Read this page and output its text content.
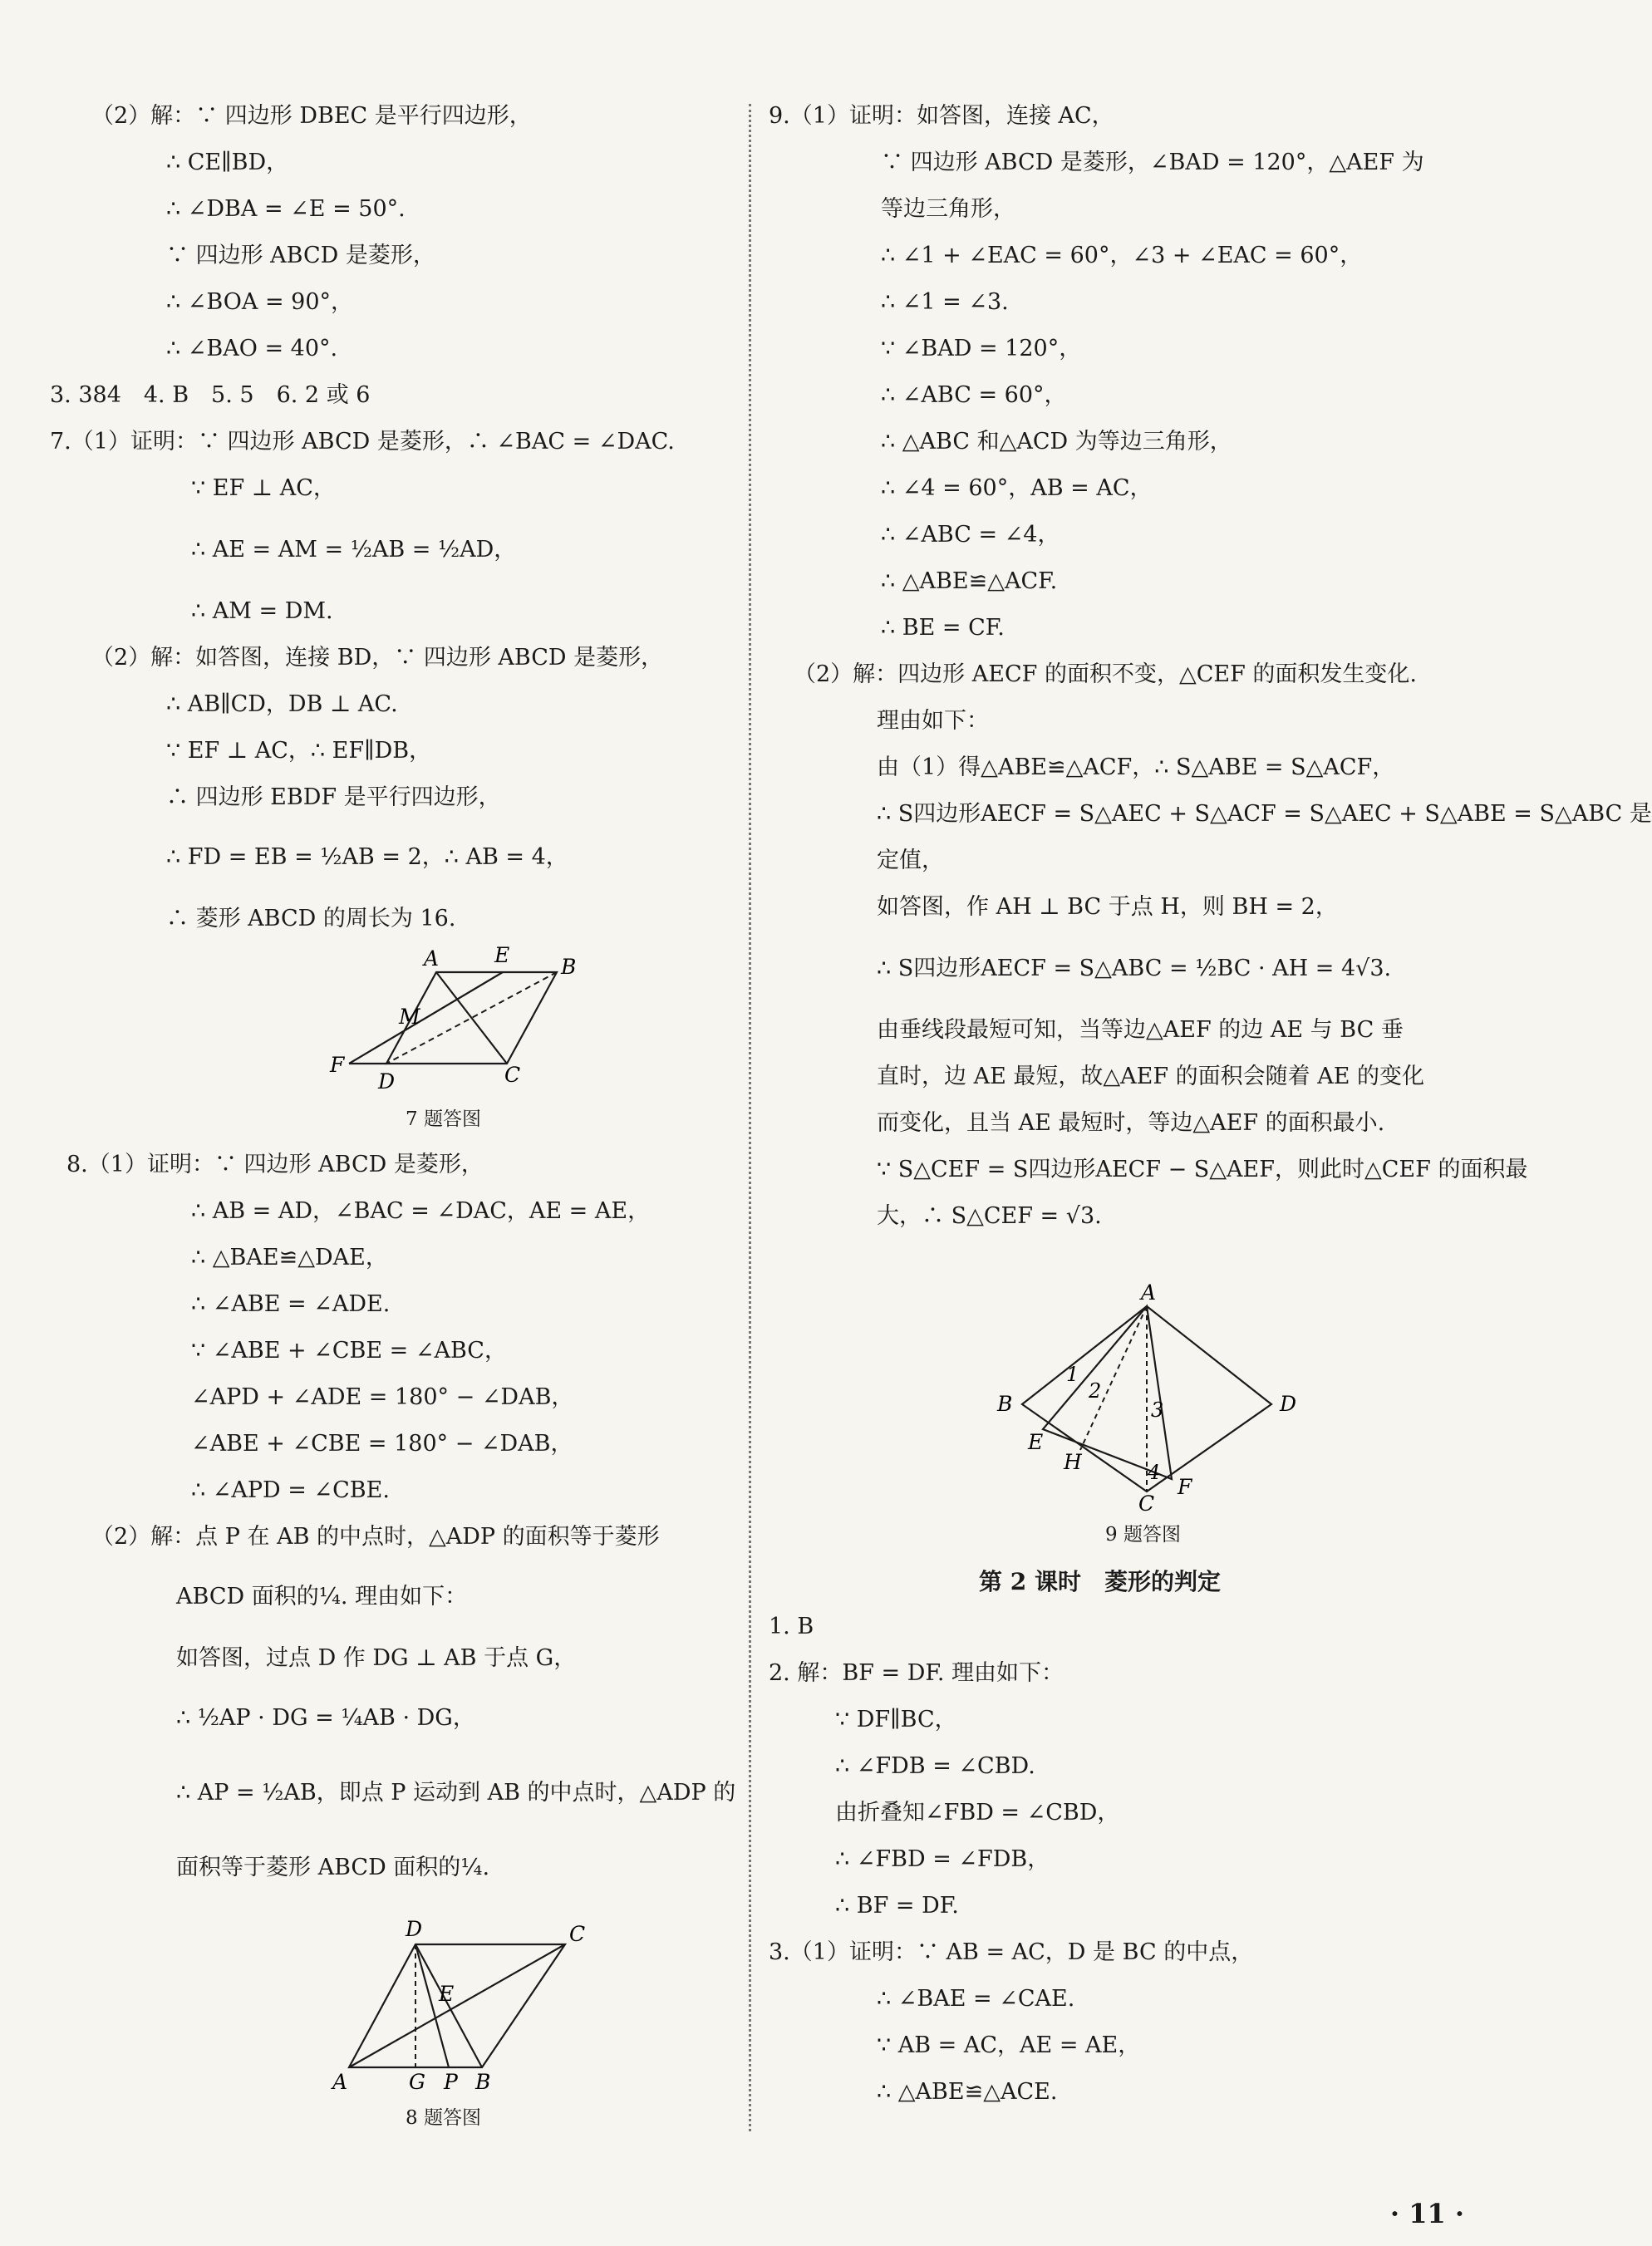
（2）解：∵ 四边形 DBEC 是平行四边形，
∴ CE∥BD，
∴ ∠DBA = ∠E = 50°.
∵ 四边形 ABCD 是菱形，
∴ ∠BOA = 90°，
∴ ∠BAO = 40°.
3. 384　4. B　5. 5　6. 2 或 6
7.（1）证明：∵ 四边形 ABCD 是菱形，∴ ∠BAC = ∠DAC.
∵ EF ⊥ AC，
∴ AE = AM = ½AB = ½AD，
∴ AM = DM.
（2）解：如答图，连接 BD，∵ 四边形 ABCD 是菱形，
∴ AB∥CD，DB ⊥ AC.
∵ EF ⊥ AC，∴ EF∥DB，
∴ 四边形 EBDF 是平行四边形，
∴ FD = EB = ½AB = 2，∴ AB = 4，
∴ 菱形 ABCD 的周长为 16.
A	E B
M
F
D	C
7 题答图
8.（1）证明：∵ 四边形 ABCD 是菱形，
∴ AB = AD，∠BAC = ∠DAC，AE = AE，
∴ △BAE≌△DAE，
∴ ∠ABE = ∠ADE.
∵ ∠ABE + ∠CBE = ∠ABC，
∠APD + ∠ADE = 180° − ∠DAB，
∠ABE + ∠CBE = 180° − ∠DAB，
∴ ∠APD = ∠CBE.
（2）解：点 P 在 AB 的中点时，△ADP 的面积等于菱形
ABCD 面积的¼. 理由如下：
如答图，过点 D 作 DG ⊥ AB 于点 G，
∴ ½AP · DG = ¼AB · DG，
∴ AP = ½AB，即点 P 运动到 AB 的中点时，△ADP 的
面积等于菱形 ABCD 面积的¼.
D	C
E
A	G P B
8 题答图
9.（1）证明：如答图，连接 AC，
∵ 四边形 ABCD 是菱形，∠BAD = 120°，△AEF 为
等边三角形，
∴ ∠1 + ∠EAC = 60°，∠3 + ∠EAC = 60°，
∴ ∠1 = ∠3.
∵ ∠BAD = 120°，
∴ ∠ABC = 60°，
∴ △ABC 和△ACD 为等边三角形，
∴ ∠4 = 60°，AB = AC，
∴ ∠ABC = ∠4，
∴ △ABE≌△ACF.
∴ BE = CF.
（2）解：四边形 AECF 的面积不变，△CEF 的面积发生变化.
理由如下：
由（1）得△ABE≌△ACF，∴ S△ABE = S△ACF，
∴ S四边形AECF = S△AEC + S△ACF = S△AEC + S△ABE = S△ABC 是
定值，
如答图，作 AH ⊥ BC 于点 H，则 BH = 2，
∴ S四边形AECF = S△ABC = ½BC · AH = 4√3.
由垂线段最短可知，当等边△AEF 的边 AE 与 BC 垂
直时，边 AE 最短，故△AEF 的面积会随着 AE 的变化
而变化，且当 AE 最短时，等边△AEF 的面积最小.
∵ S△CEF = S四边形AECF − S△AEF，则此时△CEF 的面积最
大，∴ S△CEF = √3.
A
B	D
E
H
C
F
1
2
3
4
9 题答图
第 2 课时　菱形的判定
1. B
2. 解：BF = DF. 理由如下：
∵ DF∥BC，
∴ ∠FDB = ∠CBD.
由折叠知∠FBD = ∠CBD，
∴ ∠FBD = ∠FDB，
∴ BF = DF.
3.（1）证明：∵ AB = AC，D 是 BC 的中点，
∴ ∠BAE = ∠CAE.
∵ AB = AC，AE = AE，
∴ △ABE≌△ACE.
· 11 ·
